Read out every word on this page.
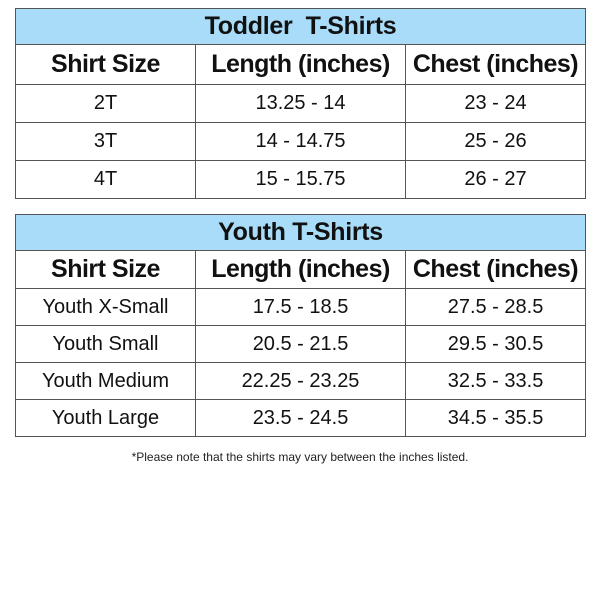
Toddler  T-Shirts		
Shirt Size	Length (inches)	Chest (inches)
2T	13.25 - 14	23 - 24
3T	14 - 14.75	25 - 26
4T	15 - 15.75	26 - 27
Youth T-Shirts		
Shirt Size	Length (inches)	Chest (inches)
Youth X-Small	17.5 - 18.5	27.5 - 28.5
Youth Small	20.5 - 21.5	29.5 - 30.5
Youth Medium	22.25 - 23.25	32.5 - 33.5
Youth Large	23.5 - 24.5	34.5 - 35.5
*Please note that the shirts may vary between the inches listed.
